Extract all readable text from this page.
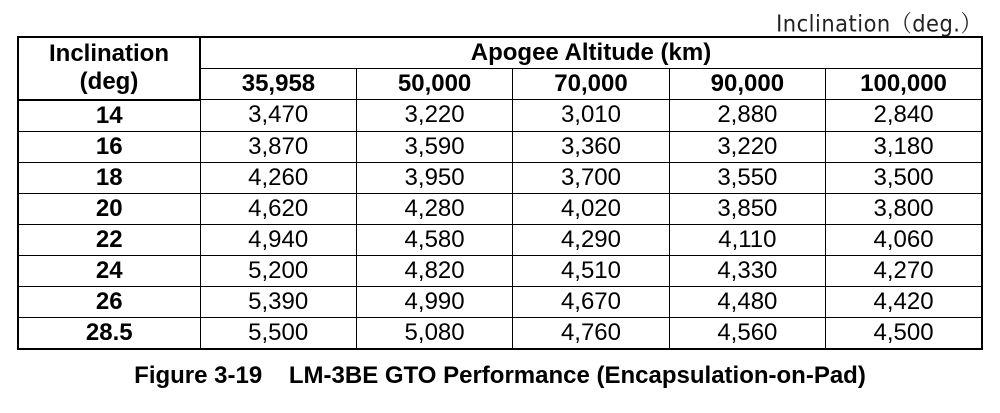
Inclination（deg.）
Inclination
(deg)	Apogee Altitude (km)				
	35,958	50,000	70,000	90,000	100,000
14	3,470	3,220	3,010	2,880	2,840
16	3,870	3,590	3,360	3,220	3,180
18	4,260	3,950	3,700	3,550	3,500
20	4,620	4,280	4,020	3,850	3,800
22	4,940	4,580	4,290	4,110	4,060
24	5,200	4,820	4,510	4,330	4,270
26	5,390	4,990	4,670	4,480	4,420
28.5	5,500	5,080	4,760	4,560	4,500
Figure 3-19    LM-3BE GTO Performance (Encapsulation-on-Pad)
